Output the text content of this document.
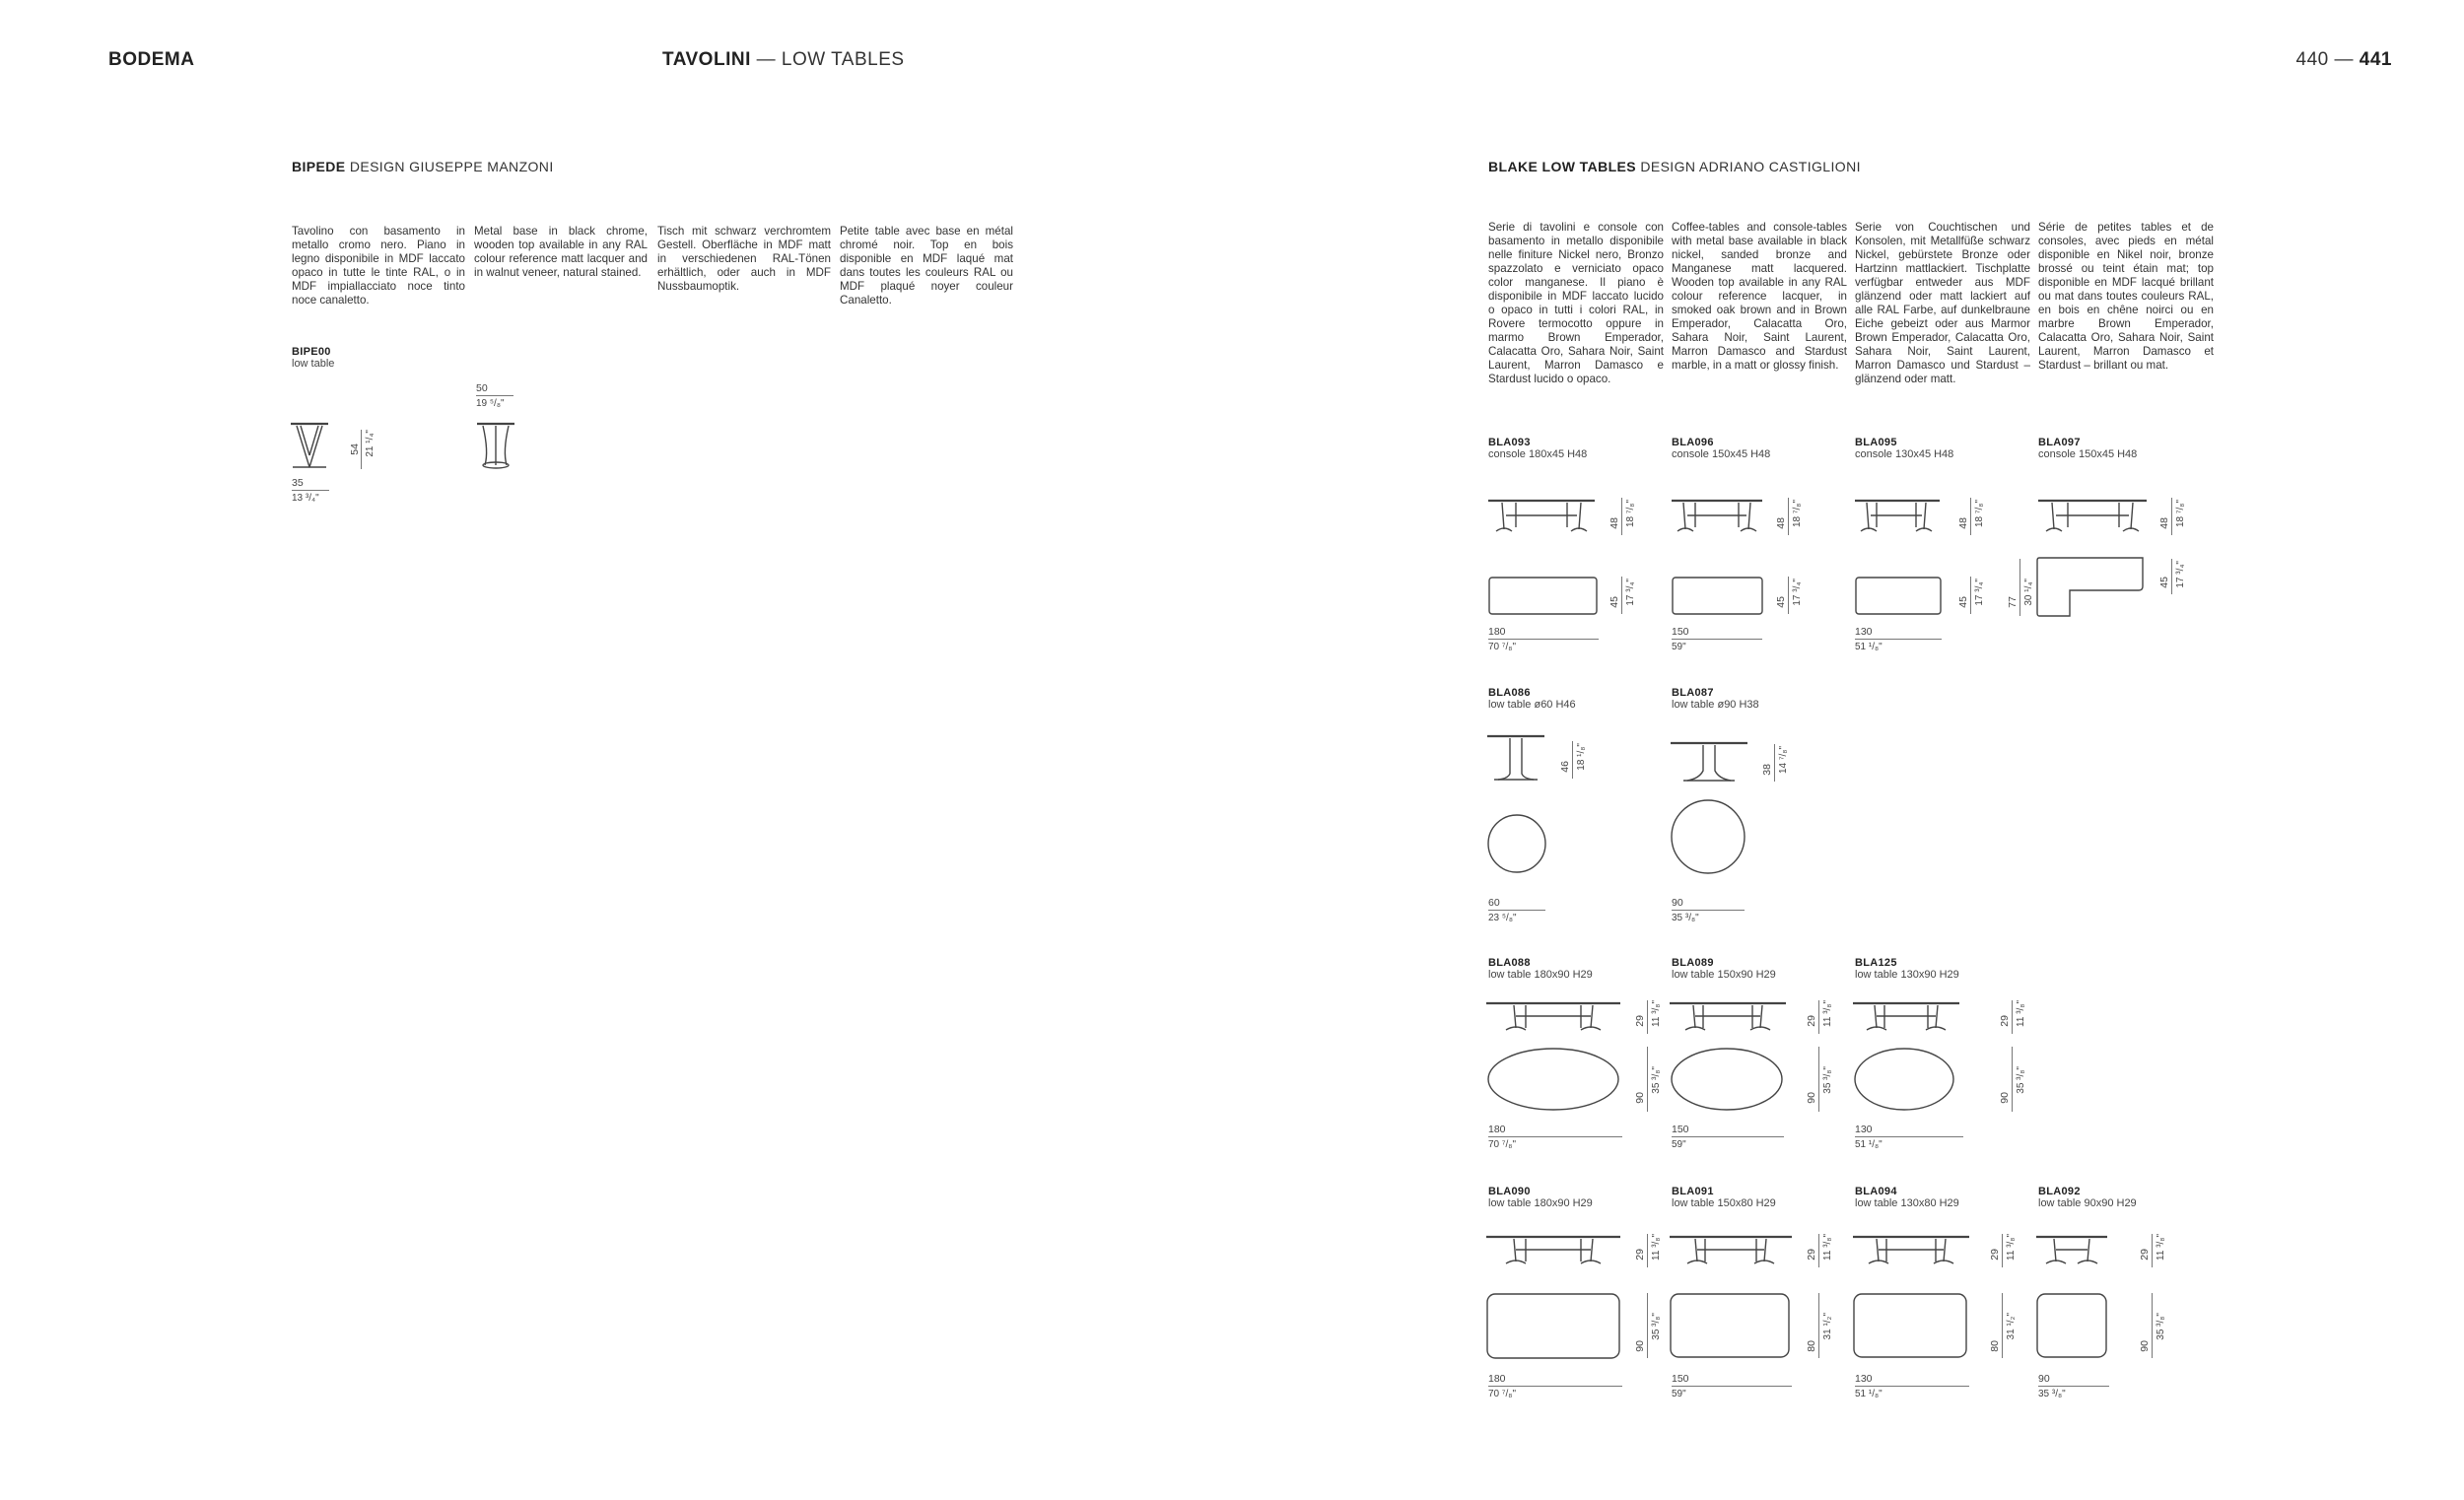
BODEMA	TAVOLINI — LOW TABLES	440 — 441
BIPEDE DESIGN GIUSEPPE MANZONI
Tavolino con basamento in metallo cromo nero. Piano in legno disponibile in MDF laccato opaco in tutte le tinte RAL, o in MDF impiallacciato noce tinto noce canaletto.
Metal base in black chrome, wooden top available in any RAL colour reference matt lacquer and in walnut veneer, natural stained.
Tisch mit schwarz verchromtem Gestell. Oberfläche in MDF matt in verschiedenen RAL-Tönen erhältlich, oder auch in MDF Nussbaumoptik.
Petite table avec base en métal chromé noir. Top en bois disponible en MDF laqué mat dans toutes les couleurs RAL ou MDF plaqué noyer couleur Canaletto.
BIPE00
low table
50
19 ⁵/₈"
54 21 ¹/₄"
35
13 ³/₄"
BLAKE LOW TABLES DESIGN ADRIANO CASTIGLIONI
Serie di tavolini e console con basamento in metallo disponibile nelle finiture Nickel nero, Bronzo spazzolato e verniciato opaco color manganese. Il piano è disponibile in MDF laccato lucido o opaco in tutti i colori RAL, in Rovere termocotto oppure in marmo Brown Emperador, Calacatta Oro, Sahara Noir, Saint Laurent, Marron Damasco e Stardust lucido o opaco.
Coffee-tables and console-tables with metal base available in black nickel, sanded bronze and Manganese matt lacquered. Wooden top available in any RAL colour reference lacquer, in smoked oak brown and in Brown Emperador, Calacatta Oro, Sahara Noir, Saint Laurent, Marron Damasco and Stardust marble, in a matt or glossy finish.
Serie von Couchtischen und Konsolen, mit Metallfüße schwarz Nickel, gebürstete Bronze oder Hartzinn mattlackiert. Tischplatte verfügbar entweder aus MDF glänzend oder matt lackiert auf alle RAL Farbe, auf dunkelbraune Eiche gebeizt oder aus Marmor Brown Emperador, Calacatta Oro, Sahara Noir, Saint Laurent, Marron Damasco und Stardust – glänzend oder matt.
Série de petites tables et de consoles, avec pieds en métal disponible en Nikel noir, bronze brossé ou teint étain mat; top disponible en MDF lacqué brillant ou mat dans toutes couleurs RAL, en bois en chêne noirci ou en marbre Brown Emperador, Calacatta Oro, Sahara Noir, Saint Laurent, Marron Damasco et Stardust – brillant ou mat.
BLA093
console 180x45 H48
48 18 ⁷/₈"
45 17 ³/₄"
180
70 ⁷/₈"
BLA096
console 150x45 H48
48 18 ⁷/₈"
45 17 ³/₄"
150
59"
BLA095
console 130x45 H48
48 18 ⁷/₈"
45 17 ³/₄"
130
51 ¹/₈"
BLA097
console 150x45 H48
48 18 ⁷/₈"
77 30 ¹/₄"	45 17 ³/₄"
BLA086
low table ø60 H46
46 18 ¹/₈"
60
23 ⁵/₈"
BLA087
low table ø90 H38
38 14 ⁷/₈"
90
35 ³/₈"
BLA088
low table 180x90 H29
29 11 ³/₈"
90
35 ³/₈"
180
70 ⁷/₈"
BLA089
low table 150x90 H29
29 11 ³/₈"
90
35 ³/₈"
150
59"
BLA125
low table 130x90 H29
29 11 ³/₈"
90
35 ³/₈"
130
51 ¹/₈"
BLA090
low table 180x90 H29
29 11 ³/₈"
90
35 ³/₈"
180
70 ⁷/₈"
BLA091
low table 150x80 H29
29 11 ³/₈"
80
31 ¹/₂"
150
59"
BLA094
low table 130x80 H29
29 11 ³/₈"
80
31 ¹/₂"
130
51 ¹/₈"
BLA092
low table 90x90 H29
29 11 ³/₈"
90
35 ³/₈"
90
35 ³/₈"
